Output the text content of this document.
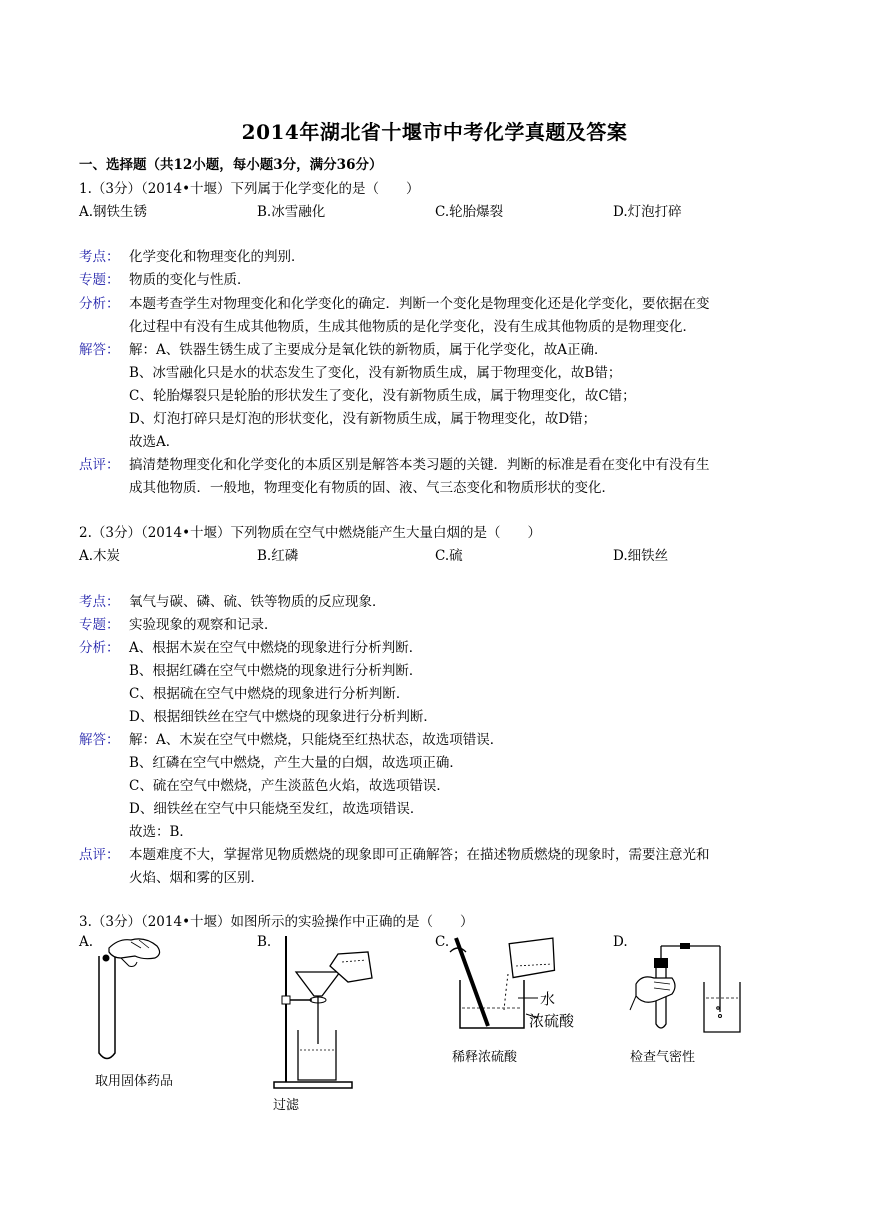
2014年湖北省十堰市中考化学真题及答案
一、选择题（共12小题，每小题3分，满分36分）
1.（3分）（2014•十堰）下列属于化学变化的是（　　）
A.钢铁生锈	B.冰雪融化	C.轮胎爆裂	D.灯泡打碎
考点： 化学变化和物理变化的判别．
专题： 物质的变化与性质．
分析： 本题考查学生对物理变化和化学变化的确定．判断一个变化是物理变化还是化学变化，要依据在变
化过程中有没有生成其他物质，生成其他物质的是化学变化，没有生成其他物质的是物理变化．
解答： 解：A、铁器生锈生成了主要成分是氧化铁的新物质，属于化学变化，故A正确．
B、冰雪融化只是水的状态发生了变化，没有新物质生成，属于物理变化，故B错；
C、轮胎爆裂只是轮胎的形状发生了变化，没有新物质生成，属于物理变化，故C错；
D、灯泡打碎只是灯泡的形状变化，没有新物质生成，属于物理变化，故D错；
故选A．
点评： 搞清楚物理变化和化学变化的本质区别是解答本类习题的关键．判断的标准是看在变化中有没有生
成其他物质．一般地，物理变化有物质的固、液、气三态变化和物质形状的变化．
2.（3分）（2014•十堰）下列物质在空气中燃烧能产生大量白烟的是（　　）
A.木炭	B.红磷	C.硫	D.细铁丝
考点： 氧气与碳、磷、硫、铁等物质的反应现象．
专题： 实验现象的观察和记录．
分析： A、根据木炭在空气中燃烧的现象进行分析判断．
B、根据红磷在空气中燃烧的现象进行分析判断．
C、根据硫在空气中燃烧的现象进行分析判断．
D、根据细铁丝在空气中燃烧的现象进行分析判断．
解答： 解：A、木炭在空气中燃烧，只能烧至红热状态，故选项错误．
B、红磷在空气中燃烧，产生大量的白烟，故选项正确．
C、硫在空气中燃烧，产生淡蓝色火焰，故选项错误．
D、细铁丝在空气中只能烧至发红，故选项错误．
故选：B．
点评： 本题难度不大，掌握常见物质燃烧的现象即可正确解答；在描述物质燃烧的现象时，需要注意光和
火焰、烟和雾的区别．
3.（3分）（2014•十堰）如图所示的实验操作中正确的是（　　）
A.	B.	C.	D.
取用固体药品
过滤
水
浓硫酸
稀释浓硫酸	检查气密性
